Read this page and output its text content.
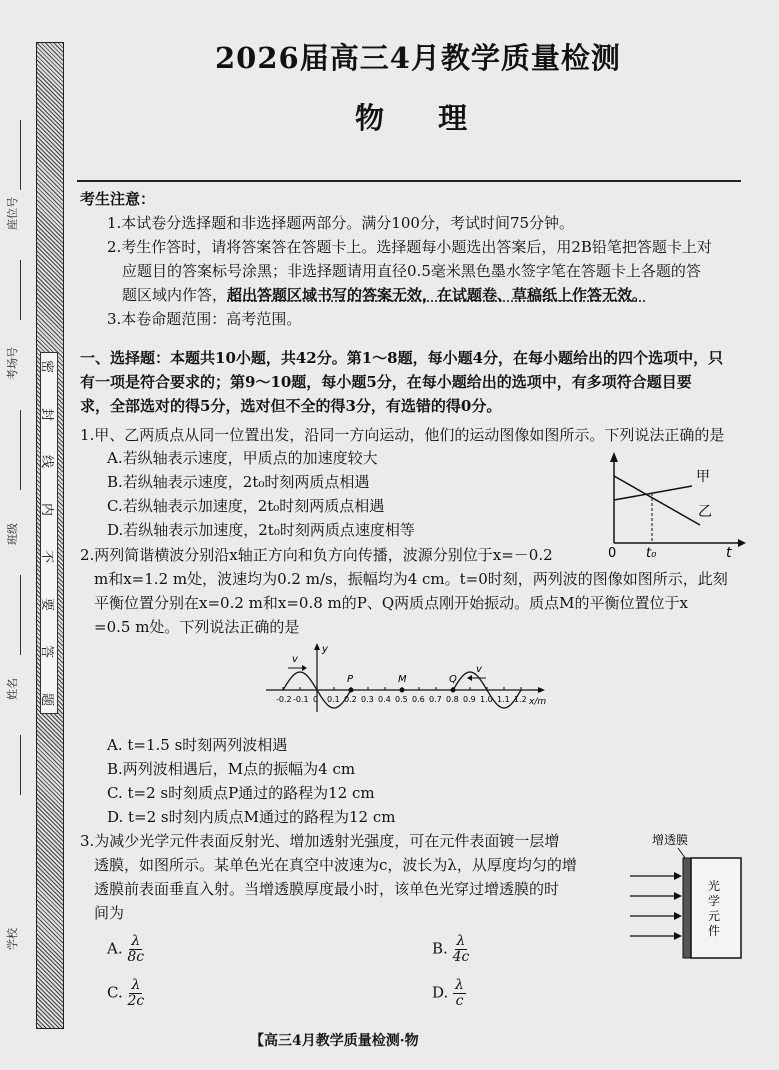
密
封
线
内
不
要
答
题
座位号
考场号
班级
姓名
学校
2026届高三4月教学质量检测
物 理
考生注意：
1.本试卷分选择题和非选择题两部分。满分100分，考试时间75分钟。
2.考生作答时，请将答案答在答题卡上。选择题每小题选出答案后，用2B铅笔把答题卡上对
应题目的答案标号涂黑；非选择题请用直径0.5毫米黑色墨水签字笔在答题卡上各题的答
题区域内作答，超出答题区域书写的答案无效，在试题卷、草稿纸上作答无效。
3.本卷命题范围：高考范围。
一、选择题：本题共10小题，共42分。第1～8题，每小题4分，在每小题给出的四个选项中，只
有一项是符合要求的；第9～10题，每小题5分，在每小题给出的选项中，有多项符合题目要
求，全部选对的得5分，选对但不全的得3分，有选错的得0分。
1.甲、乙两质点从同一位置出发，沿同一方向运动，他们的运动图像如图所示。下列说法正确的是
A.若纵轴表示速度，甲质点的加速度较大
B.若纵轴表示速度，2t₀时刻两质点相遇
C.若纵轴表示加速度，2t₀时刻两质点相遇
D.若纵轴表示加速度，2t₀时刻两质点速度相等
甲
乙
0 t₀	t
2.两列简谐横波分别沿x轴正方向和负方向传播，波源分别位于x=－0.2
m和x=1.2 m处，波速均为0.2 m/s，振幅均为4 cm。t=0时刻，两列波的图像如图所示，此刻
平衡位置分别在x=0.2 m和x=0.8 m的P、Q两质点刚开始振动。质点M的平衡位置位于x
=0.5 m处。下列说法正确的是
y
x/m
-0.2 -0.1 0 0.1 0.2 0.3 0.4 0.5 0.6 0.7 0.8 0.9 1.0 1.1 1.2
P	M	Q
v
v
A. t=1.5 s时刻两列波相遇
B.两列波相遇后，M点的振幅为4 cm
C. t=2 s时刻质点P通过的路程为12 cm
D. t=2 s时刻内质点M通过的路程为12 cm
3.为减少光学元件表面反射光、增加透射光强度，可在元件表面镀一层增
透膜，如图所示。某单色光在真空中波速为c，波长为λ，从厚度均匀的增
透膜前表面垂直入射。当增透膜厚度最小时，该单色光穿过增透膜的时
间为
A. $\frac{\lambda}{8c}$	B. $\frac{\lambda}{4c}$
C. $\frac{\lambda}{2c}$	D. $\frac{\lambda}{c}$
增透膜
光
学
元
件
【高三4月教学质量检测·物
